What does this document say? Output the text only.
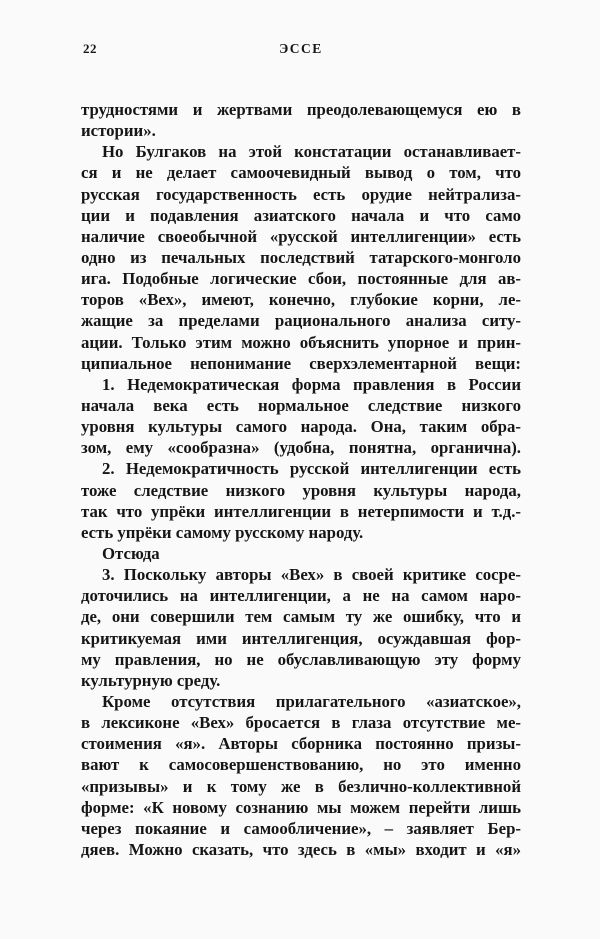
22	ЭССЕ
трудностями и жертвами преодолевающемуся ею в
истории».
Но Булгаков на этой констатации останавливает-
ся и не делает самоочевидный вывод о том, что
русская государственность есть орудие нейтрализа-
ции и подавления азиатского начала и что само
наличие своеобычной «русской интеллигенции» есть
одно из печальных последствий татарского-монголо
ига. Подобные логические сбои, постоянные для ав-
торов «Вех», имеют, конечно, глубокие корни, ле-
жащие за пределами рационального анализа ситу-
ации. Только этим можно объяснить упорное и прин-
ципиальное непонимание сверхэлементарной вещи:
1. Недемократическая форма правления в России
начала века есть нормальное следствие низкого
уровня культуры самого народа. Она, таким обра-
зом, ему «сообразна» (удобна, понятна, органична).
2. Недемократичность русской интеллигенции есть
тоже следствие низкого уровня культуры народа,
так что упрёки интеллигенции в нетерпимости и т.д.-
есть упрёки самому русскому народу.
Отсюда
3. Поскольку авторы «Вех» в своей критике сосре-
доточились на интеллигенции, а не на самом наро-
де, они совершили тем самым ту же ошибку, что и
критикуемая ими интеллигенция, осуждавшая фор-
му правления, но не обуславливающую эту форму
культурную среду.
Кроме отсутствия прилагательного «азиатское»,
в лексиконе «Вех» бросается в глаза отсутствие ме-
стоимения «я». Авторы сборника постоянно призы-
вают к самосовершенствованию, но это именно
«призывы» и к тому же в безлично-коллективной
форме: «К новому сознанию мы можем перейти лишь
через покаяние и самообличение», – заявляет Бер-
дяев. Можно сказать, что здесь в «мы» входит и «я»
